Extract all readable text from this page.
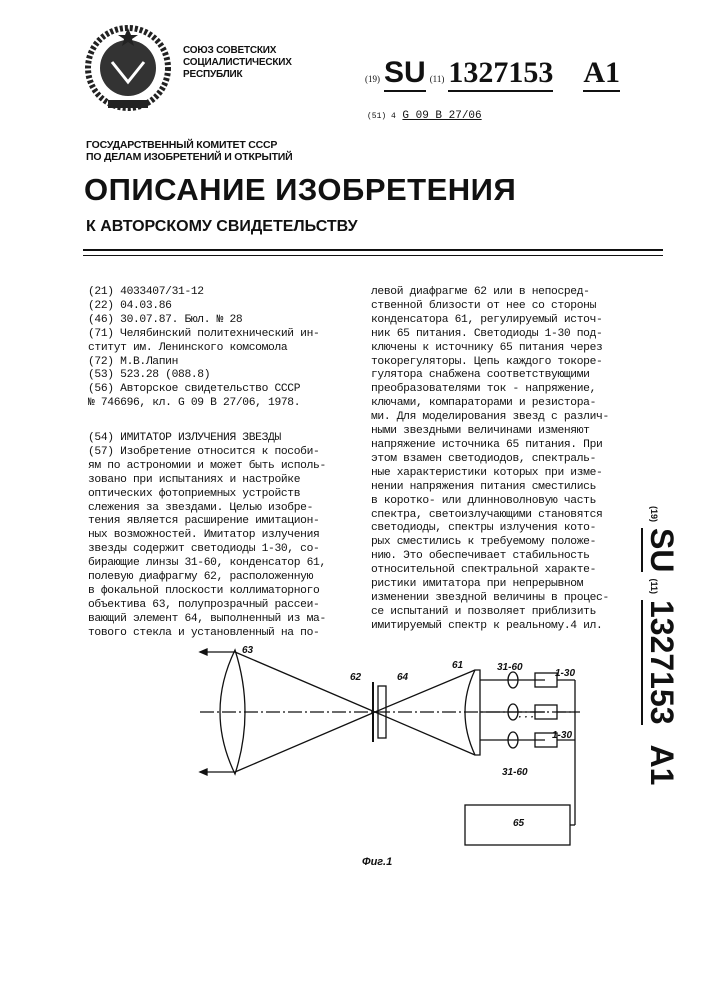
СОЮЗ СОВЕТСКИХ
СОЦИАЛИСТИЧЕСКИХ
РЕСПУБЛИК	(19) SU (11) 1327153 A1
(51) 4 G 09 B 27/06
ГОСУДАРСТВЕННЫЙ КОМИТЕТ СССР
ПО ДЕЛАМ ИЗОБРЕТЕНИЙ И ОТКРЫТИЙ
ОПИСАНИЕ ИЗОБРЕТЕНИЯ
К АВТОРСКОМУ СВИДЕТЕЛЬСТВУ
(21) 4033407/31-12
(22) 04.03.86
(46) 30.07.87. Бюл. № 28
(71) Челябинский политехнический ин-
ститут им. Ленинского комсомола
(72) М.В.Лапин
(53) 523.28 (088.8)
(56) Авторское свидетельство СССР
№ 746696, кл. G 09 B 27/06, 1978.
(54) ИМИТАТОР ИЗЛУЧЕНИЯ ЗВЕЗДЫ
(57) Изобретение относится к пособи-
ям по астрономии и может быть исполь-
зовано при испытаниях и настройке
оптических фотоприемных устройств
слежения за звездами. Целью изобре-
тения является расширение имитацион-
ных возможностей. Имитатор излучения
звезды содержит светодиоды 1-30, со-
бирающие линзы 31-60, конденсатор 61,
полевую диафрагму 62, расположенную
в фокальной плоскости коллиматорного
объектива 63, полупрозрачный рассеи-
вающий элемент 64, выполненный из ма-
тового стекла и установленный на по-
левой диафрагме 62 или в непосред-
ственной близости от нее со стороны
конденсатора 61, регулируемый источ-
ник 65 питания. Светодиоды 1-30 под-
ключены к источнику 65 питания через
токорегуляторы. Цепь каждого токоре-
гулятора снабжена соответствующими
преобразователями ток - напряжение,
ключами, компараторами и резистора-
ми. Для моделирования звезд с различ-
ными звездными величинами изменяют
напряжение источника 65 питания. При
этом взамен светодиодов, спектраль-
ные характеристики которых при изме-
нении напряжения питания сместились
в коротко- или длинноволновую часть
спектра, светоизлучающими становятся
светодиоды, спектры излучения кото-
рых сместились к требуемому положе-
нию. Это обеспечивает стабильность
относительной спектральной характе-
ристики имитатора при непрерывном
изменении звездной величины в процес-
се испытаний и позволяет приблизить
имитируемый спектр к реальному.4 ил.
(19)
SU
(11)
1327153
A1
63
62	64
61	31-60
1-30
· · ·
1-30
31-60
65
Фиг.1
